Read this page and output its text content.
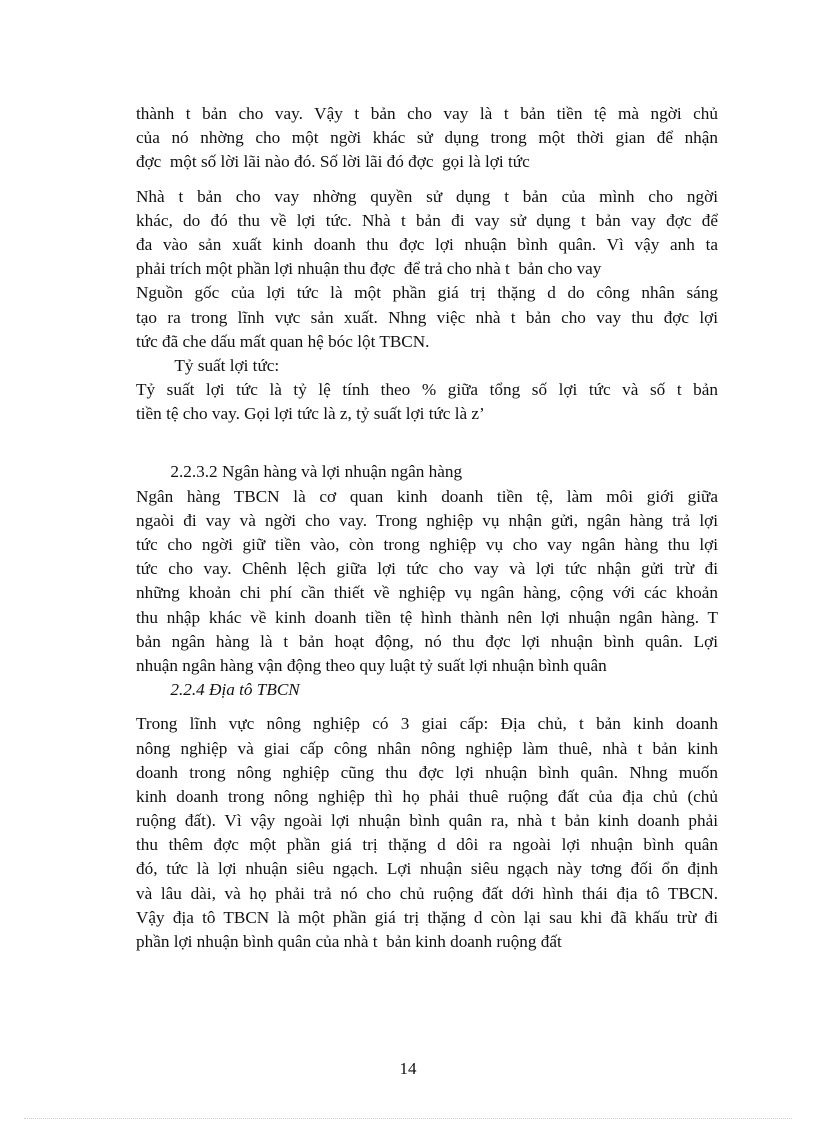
thành t bản cho vay. Vậy t bản cho vay là t bản tiền tệ mà ngời chủ
của nó nhờng cho một ngời khác sử dụng trong một thời gian để nhận
đợc  một số lời lãi nào đó. Số lời lãi đó đợc  gọi là lợi tức
Nhà t bản cho vay nhờng quyền sử dụng t bản của mình cho ngời
khác, do đó thu về lợi tức. Nhà t bản đi vay sử dụng t bản vay đợc để
đa vào sản xuất kinh doanh thu đợc lợi nhuận bình quân. Vì vậy anh ta
phải trích một phần lợi nhuận thu đợc  để trả cho nhà t  bản cho vay
Nguồn gốc của lợi tức là một phần giá trị thặng d do công nhân sáng
tạo ra trong lĩnh vực sản xuất. Nhng việc nhà t bản cho vay thu đợc lợi
tức đã che dấu mất quan hệ bóc lột TBCN.
Tỷ suất lợi tức:
Tỷ suất lợi tức là tỷ lệ tính theo % giữa tổng số lợi tức và số t bản
tiền tệ cho vay. Gọi lợi tức là z, tỷ suất lợi tức là z’
2.2.3.2 Ngân hàng và lợi nhuận ngân hàng
Ngân hàng TBCN là cơ quan kinh doanh tiền tệ, làm môi giới giữa
ngaòi đi vay và ngời cho vay. Trong nghiệp vụ nhận gửi, ngân hàng trả lợi
tức cho ngời giữ tiền vào, còn trong nghiệp vụ cho vay ngân hàng thu lợi
tức cho vay. Chênh lệch giữa lợi tức cho vay và lợi tức nhận gửi trừ đi
những khoản chi phí cần thiết về nghiệp vụ ngân hàng, cộng với các khoản
thu nhập khác về kinh doanh tiền tệ hình thành nên lợi nhuận ngân hàng. T
bản ngân hàng là t bản hoạt động, nó thu đợc lợi nhuận bình quân. Lợi
nhuận ngân hàng vận động theo quy luật tỷ suất lợi nhuận bình quân
2.2.4 Địa tô TBCN
Trong lĩnh vực nông nghiệp có 3 giai cấp: Địa chủ, t bản kinh doanh
nông nghiệp và giai cấp công nhân nông nghiệp làm thuê, nhà t bản kinh
doanh trong nông nghiệp cũng thu đợc lợi nhuận bình quân. Nhng muốn
kinh doanh trong nông nghiệp thì họ phải thuê ruộng đất của địa chủ (chủ
ruộng đất). Vì vậy ngoài lợi nhuận bình quân ra, nhà t bản kinh doanh phải
thu thêm đợc một phần giá trị thặng d dôi ra ngoài lợi nhuận bình quân
đó, tức là lợi nhuận siêu ngạch. Lợi nhuận siêu ngạch này tơng đối ổn định
và lâu dài, và họ phải trả nó cho chủ ruộng đất dới hình thái địa tô TBCN.
Vậy địa tô TBCN là một phần giá trị thặng d còn lại sau khi đã khấu trừ đi
phần lợi nhuận bình quân của nhà t  bản kinh doanh ruộng đất
14
